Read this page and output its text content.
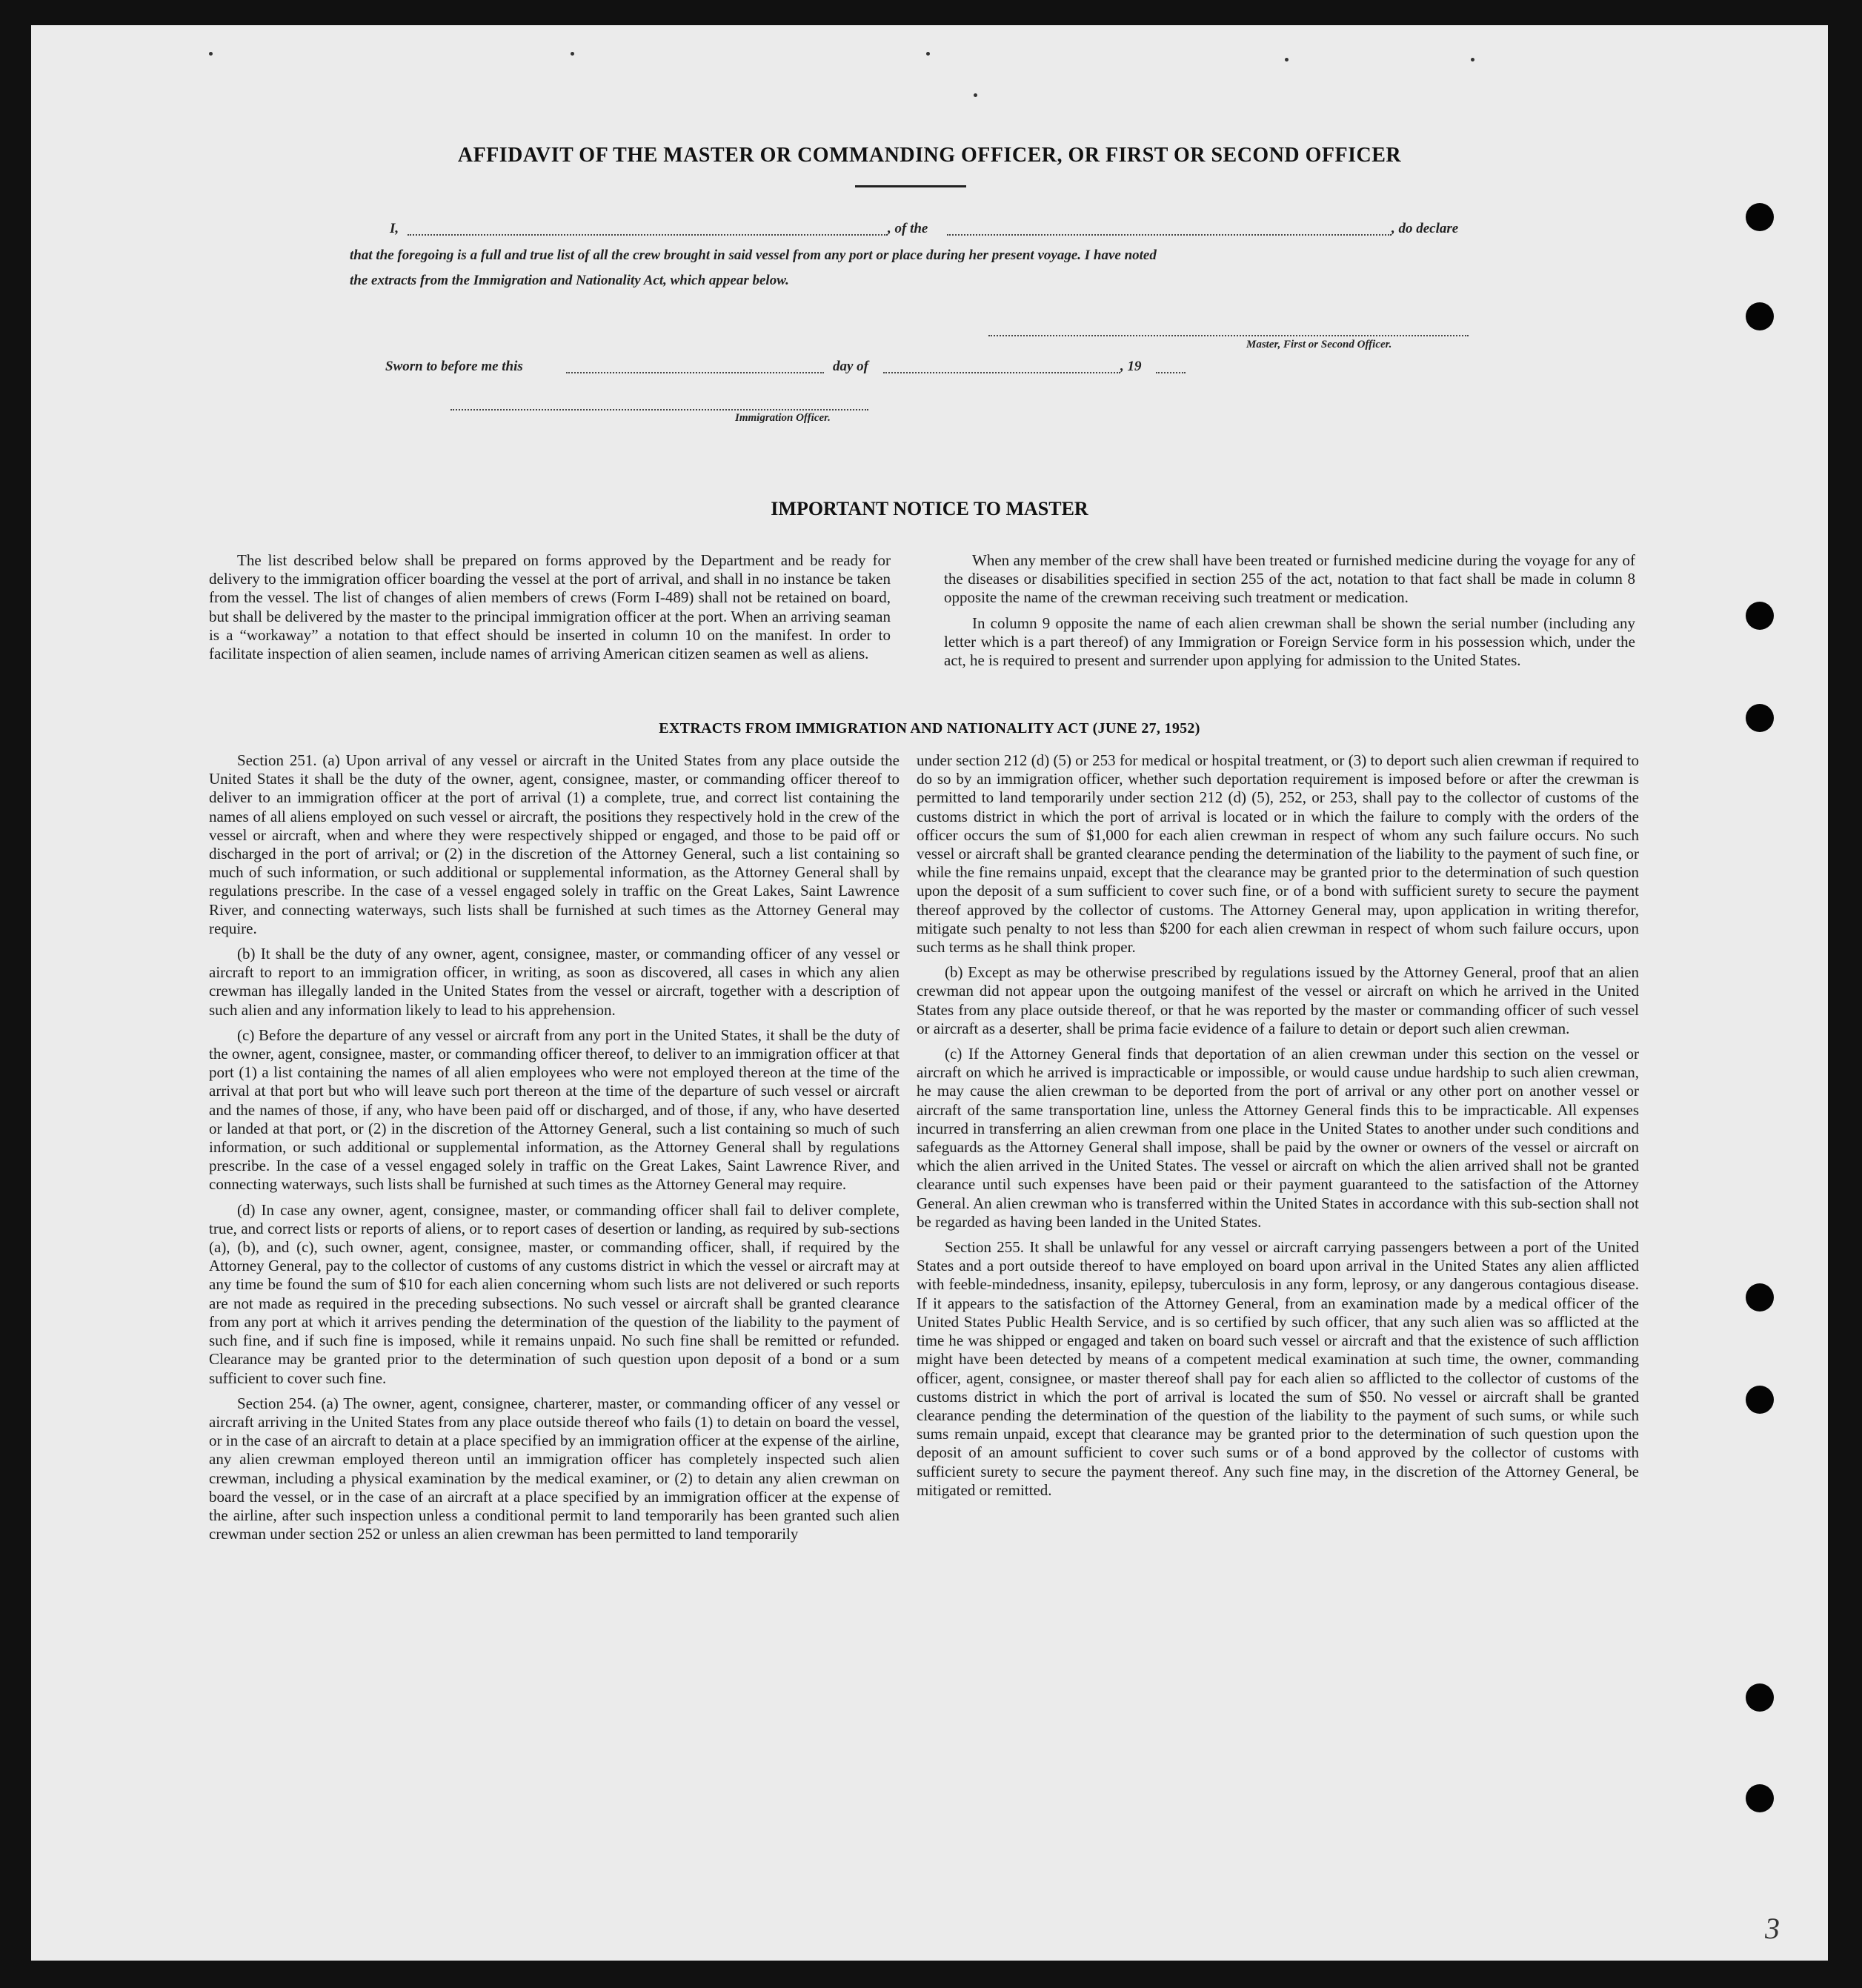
AFFIDAVIT OF THE MASTER OR COMMANDING OFFICER, OR FIRST OR SECOND OFFICER
I,	, of the	, do declare
that the foregoing is a full and true list of all the crew brought in said vessel from any port or place during her present voyage. I have noted
the extracts from the Immigration and Nationality Act, which appear below.
Master, First or Second Officer.
Sworn to before me this	day of	, 19
Immigration Officer.
IMPORTANT NOTICE TO MASTER

The list described below shall be prepared on forms approved by the Department and be ready for delivery to the immigration officer boarding the vessel at the port of arrival, and shall in no instance be taken from the vessel. The list of changes of alien members of crews (Form I-489) shall not be retained on board, but shall be delivered by the master to the principal immigration officer at the port. When an arriving seaman is a “workaway” a notation to that effect should be inserted in column 10 on the manifest. In order to facilitate inspection of alien seamen, include names of arriving American citizen seamen as well as aliens.

When any member of the crew shall have been treated or furnished medicine during the voyage for any of the diseases or disabilities specified in section 255 of the act, notation to that fact shall be made in column 8 opposite the name of the crewman receiving such treatment or medication.

In column 9 opposite the name of each alien crewman shall be shown the serial number (including any letter which is a part thereof) of any Immigration or Foreign Service form in his possession which, under the act, he is required to present and surrender upon applying for admission to the United States.

EXTRACTS FROM IMMIGRATION AND NATIONALITY ACT (JUNE 27, 1952)

Section 251. (a) Upon arrival of any vessel or aircraft in the United States from any place outside the United States it shall be the duty of the owner, agent, consignee, master, or commanding officer thereof to deliver to an immigration officer at the port of arrival (1) a complete, true, and correct list containing the names of all aliens employed on such vessel or aircraft, the positions they respectively hold in the crew of the vessel or aircraft, when and where they were respectively shipped or engaged, and those to be paid off or discharged in the port of arrival; or (2) in the discretion of the Attorney General, such a list containing so much of such information, or such additional or supplemental information, as the Attorney General shall by regulations prescribe. In the case of a vessel engaged solely in traffic on the Great Lakes, Saint Lawrence River, and connecting waterways, such lists shall be furnished at such times as the Attorney General may require.

(b) It shall be the duty of any owner, agent, consignee, master, or commanding officer of any vessel or aircraft to report to an immigration officer, in writing, as soon as discovered, all cases in which any alien crewman has illegally landed in the United States from the vessel or aircraft, together with a description of such alien and any information likely to lead to his apprehension.

(c) Before the departure of any vessel or aircraft from any port in the United States, it shall be the duty of the owner, agent, consignee, master, or commanding officer thereof, to deliver to an immigration officer at that port (1) a list containing the names of all alien employees who were not employed thereon at the time of the arrival at that port but who will leave such port thereon at the time of the departure of such vessel or aircraft and the names of those, if any, who have been paid off or discharged, and of those, if any, who have deserted or landed at that port, or (2) in the discretion of the Attorney General, such a list containing so much of such information, or such additional or supplemental information, as the Attorney General shall by regulations prescribe. In the case of a vessel engaged solely in traffic on the Great Lakes, Saint Lawrence River, and connecting waterways, such lists shall be furnished at such times as the Attorney General may require.

(d) In case any owner, agent, consignee, master, or commanding officer shall fail to deliver complete, true, and correct lists or reports of aliens, or to report cases of desertion or landing, as required by sub-sections (a), (b), and (c), such owner, agent, consignee, master, or commanding officer, shall, if required by the Attorney General, pay to the collector of customs of any customs district in which the vessel or aircraft may at any time be found the sum of $10 for each alien concerning whom such lists are not delivered or such reports are not made as required in the preceding subsections. No such vessel or aircraft shall be granted clearance from any port at which it arrives pending the determination of the question of the liability to the payment of such fine, and if such fine is imposed, while it remains unpaid. No such fine shall be remitted or refunded. Clearance may be granted prior to the determination of such question upon deposit of a bond or a sum sufficient to cover such fine.

Section 254. (a) The owner, agent, consignee, charterer, master, or commanding officer of any vessel or aircraft arriving in the United States from any place outside thereof who fails (1) to detain on board the vessel, or in the case of an aircraft to detain at a place specified by an immigration officer at the expense of the airline, any alien crewman employed thereon until an immigration officer has completely inspected such alien crewman, including a physical examination by the medical examiner, or (2) to detain any alien crewman on board the vessel, or in the case of an aircraft at a place specified by an immigration officer at the expense of the airline, after such inspection unless a conditional permit to land temporarily has been granted such alien crewman under section 252 or unless an alien crewman has been permitted to land temporarily

under section 212 (d) (5) or 253 for medical or hospital treatment, or (3) to deport such alien crewman if required to do so by an immigration officer, whether such deportation requirement is imposed before or after the crewman is permitted to land temporarily under section 212 (d) (5), 252, or 253, shall pay to the collector of customs of the customs district in which the port of arrival is located or in which the failure to comply with the orders of the officer occurs the sum of $1,000 for each alien crewman in respect of whom any such failure occurs. No such vessel or aircraft shall be granted clearance pending the determination of the liability to the payment of such fine, or while the fine remains unpaid, except that the clearance may be granted prior to the determination of such question upon the deposit of a sum sufficient to cover such fine, or of a bond with sufficient surety to secure the payment thereof approved by the collector of customs. The Attorney General may, upon application in writing therefor, mitigate such penalty to not less than $200 for each alien crewman in respect of whom such failure occurs, upon such terms as he shall think proper.

(b) Except as may be otherwise prescribed by regulations issued by the Attorney General, proof that an alien crewman did not appear upon the outgoing manifest of the vessel or aircraft on which he arrived in the United States from any place outside thereof, or that he was reported by the master or commanding officer of such vessel or aircraft as a deserter, shall be prima facie evidence of a failure to detain or deport such alien crewman.

(c) If the Attorney General finds that deportation of an alien crewman under this section on the vessel or aircraft on which he arrived is impracticable or impossible, or would cause undue hardship to such alien crewman, he may cause the alien crewman to be deported from the port of arrival or any other port on another vessel or aircraft of the same transportation line, unless the Attorney General finds this to be impracticable. All expenses incurred in transferring an alien crewman from one place in the United States to another under such conditions and safeguards as the Attorney General shall impose, shall be paid by the owner or owners of the vessel or aircraft on which the alien arrived in the United States. The vessel or aircraft on which the alien arrived shall not be granted clearance until such expenses have been paid or their payment guaranteed to the satisfaction of the Attorney General. An alien crewman who is transferred within the United States in accordance with this sub-section shall not be regarded as having been landed in the United States.

Section 255. It shall be unlawful for any vessel or aircraft carrying passengers between a port of the United States and a port outside thereof to have employed on board upon arrival in the United States any alien afflicted with feeble-mindedness, insanity, epilepsy, tuberculosis in any form, leprosy, or any dangerous contagious disease. If it appears to the satisfaction of the Attorney General, from an examination made by a medical officer of the United States Public Health Service, and is so certified by such officer, that any such alien was so afflicted at the time he was shipped or engaged and taken on board such vessel or aircraft and that the existence of such affliction might have been detected by means of a competent medical examination at such time, the owner, commanding officer, agent, consignee, or master thereof shall pay for each alien so afflicted to the collector of customs of the customs district in which the port of arrival is located the sum of $50. No vessel or aircraft shall be granted clearance pending the determination of the question of the liability to the payment of such sums, or while such sums remain unpaid, except that clearance may be granted prior to the determination of such question upon the deposit of an amount sufficient to cover such sums or of a bond approved by the collector of customs with sufficient surety to secure the payment thereof. Any such fine may, in the discretion of the Attorney General, be mitigated or remitted.

3
